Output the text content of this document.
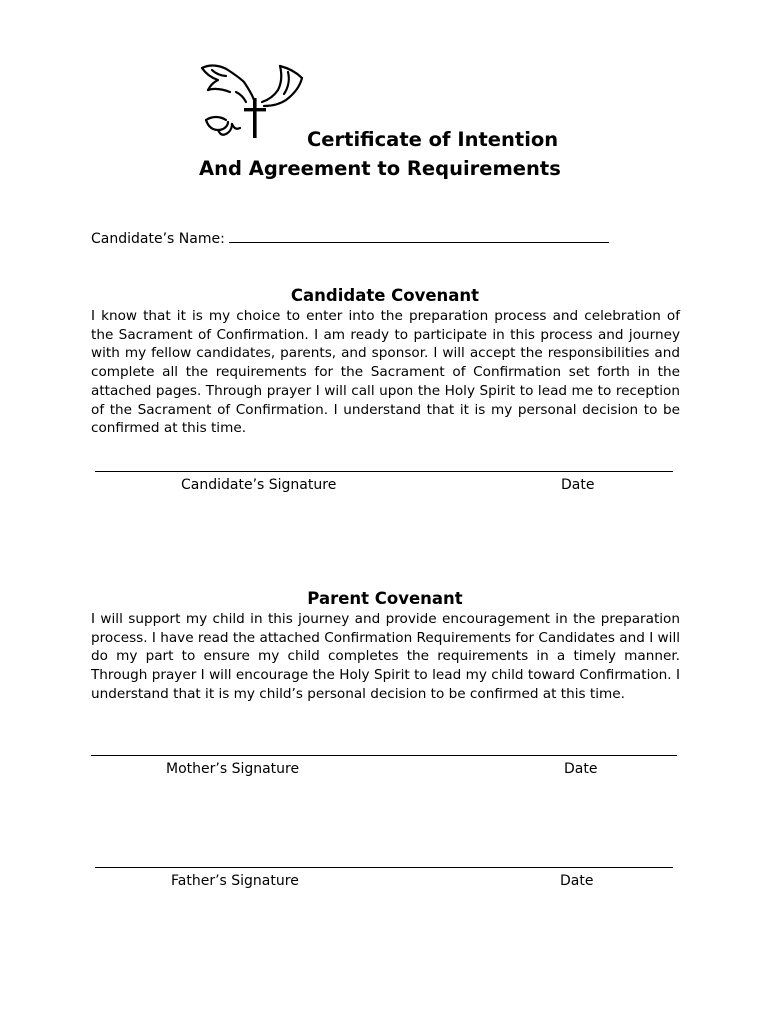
Certificate of Intention
And Agreement to Requirements
Candidate’s Name:
Candidate Covenant
I know that it is my choice to enter into the preparation process and celebration of the Sacrament of Confirmation. I am ready to participate in this process and journey with my fellow candidates, parents, and sponsor. I will accept the responsibilities and complete all the requirements for the Sacrament of Confirmation set forth in the attached pages. Through prayer I will call upon the Holy Spirit to lead me to reception of the Sacrament of Confirmation. I understand that it is my personal decision to be confirmed at this time.
Candidate’s Signature	Date
Parent Covenant
I will support my child in this journey and provide encouragement in the preparation process. I have read the attached Confirmation Requirements for Candidates and I will do my part to ensure my child completes the requirements in a timely manner. Through prayer I will encourage the Holy Spirit to lead my child toward Confirmation. I understand that it is my child’s personal decision to be confirmed at this time.
Mother’s Signature	Date
Father’s Signature	Date
